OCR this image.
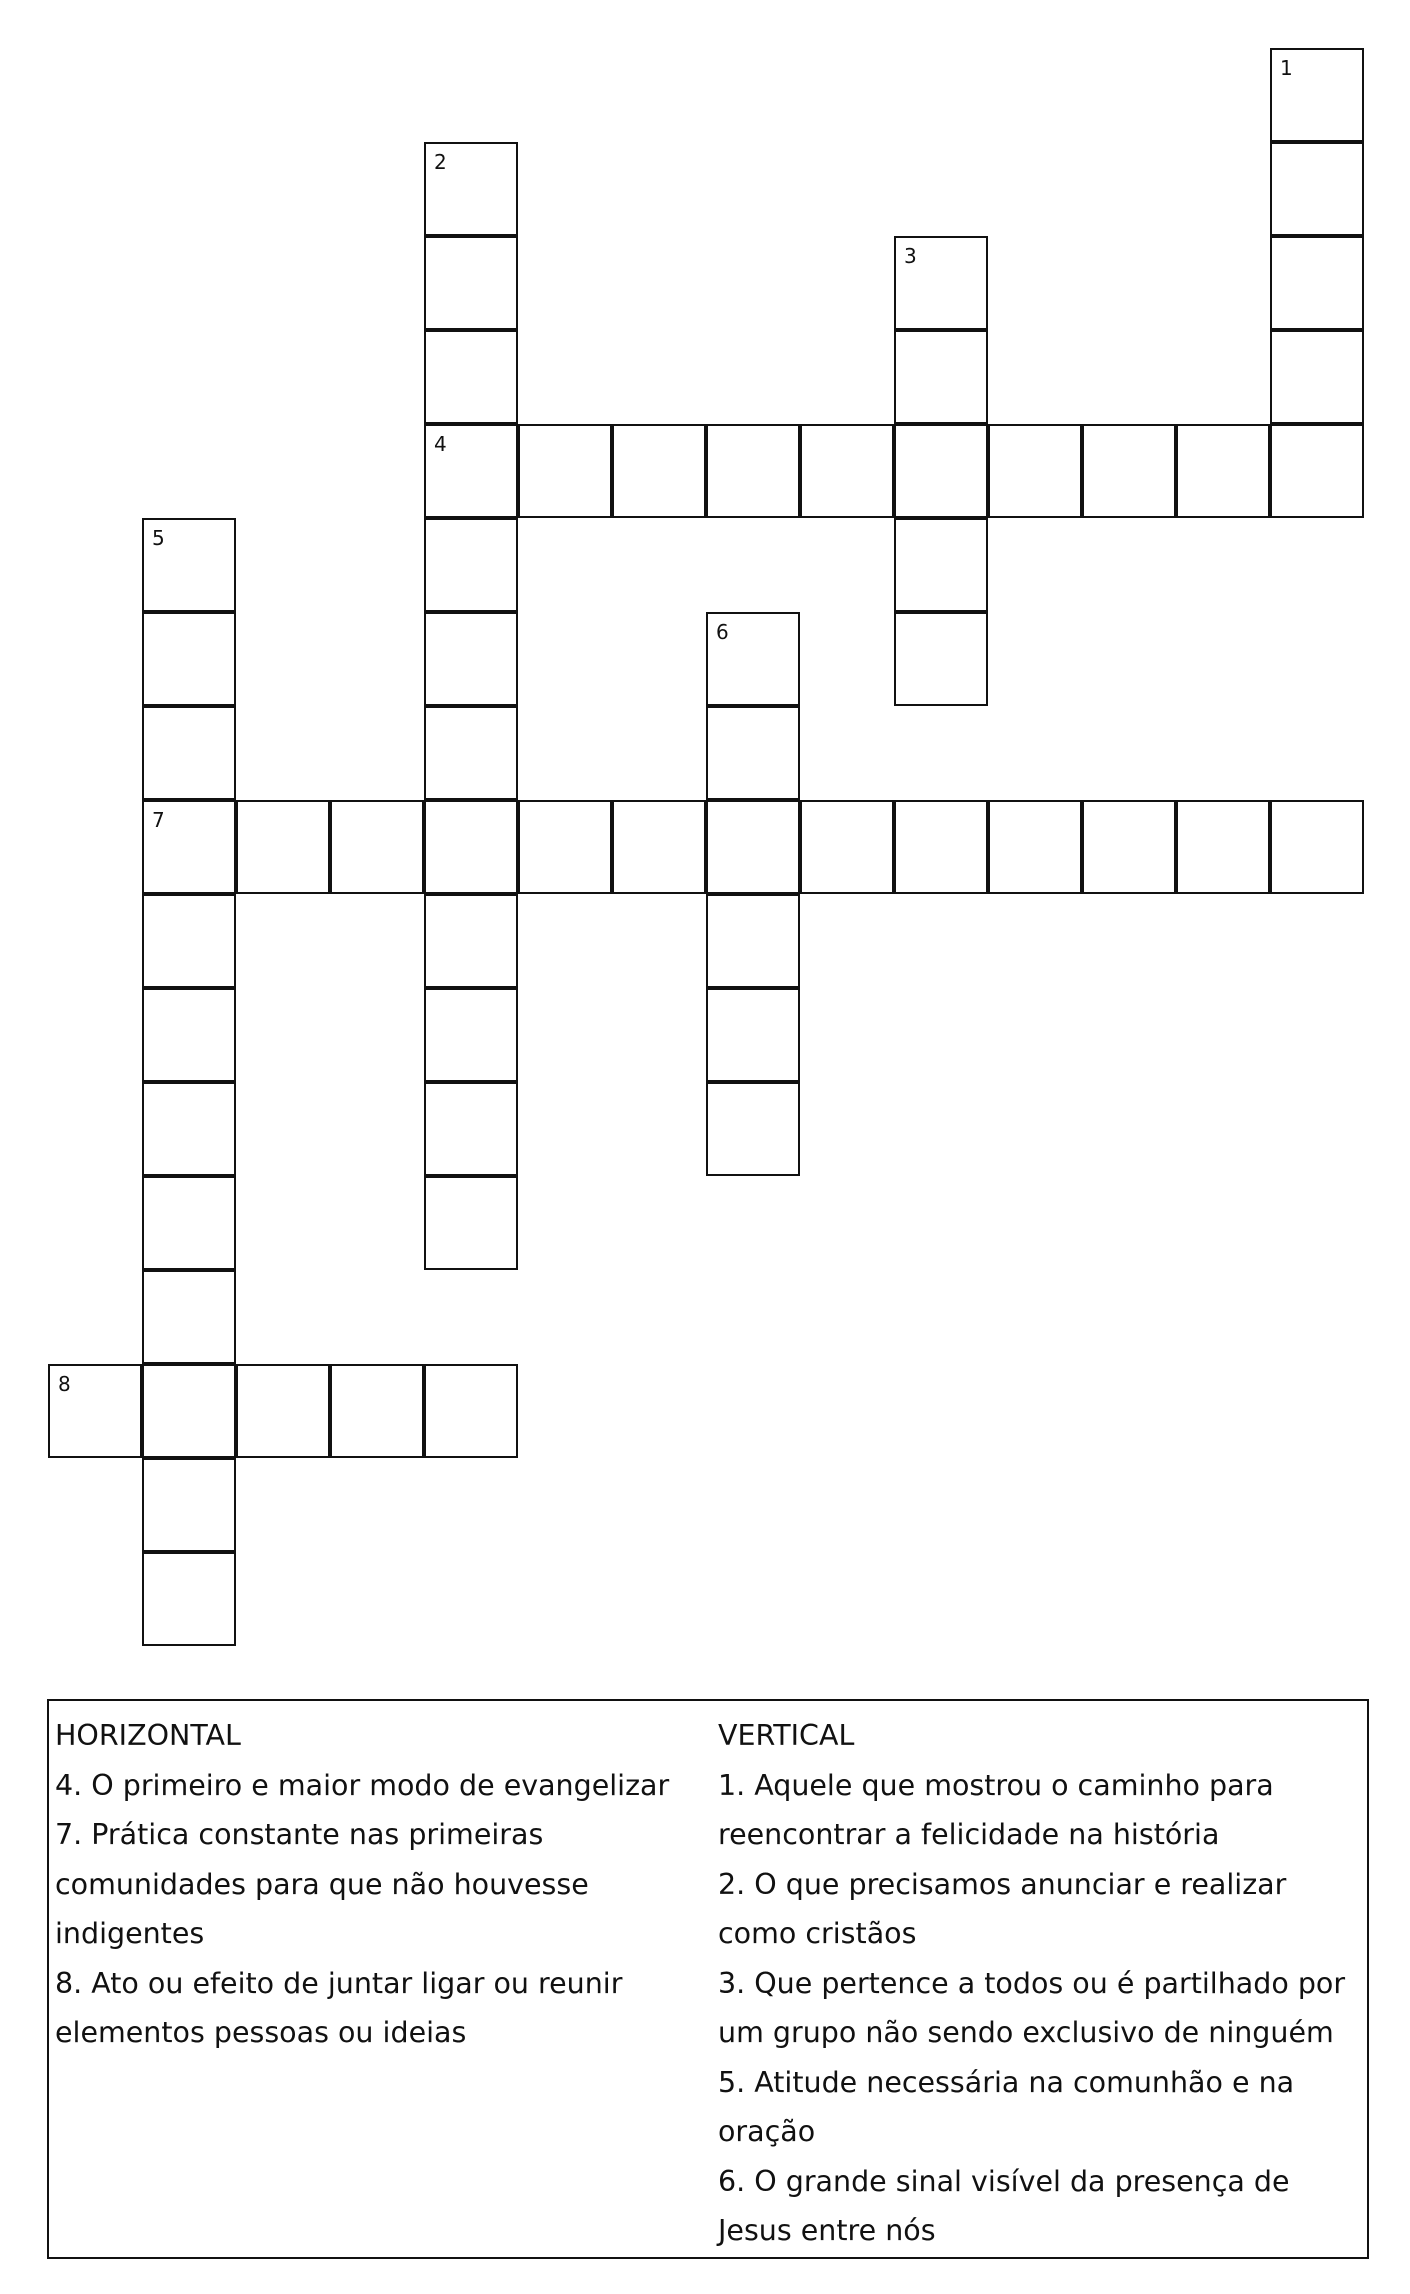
1
2
3
4
5
6
7
8

HORIZONTAL

4. O primeiro e maior modo de evangelizar

7. Prática constante nas primeiras comunidades para que não houvesse indigentes

8. Ato ou efeito de juntar ligar ou reunir elementos pessoas ou ideias

VERTICAL

1. Aquele que mostrou o caminho para reencontrar a felicidade na história

2. O que precisamos anunciar e realizar como cristãos

3. Que pertence a todos ou é partilhado por um grupo não sendo exclusivo de ninguém

5. Atitude necessária na comunhão e na oração

6. O grande sinal visível da presença de Jesus entre nós
